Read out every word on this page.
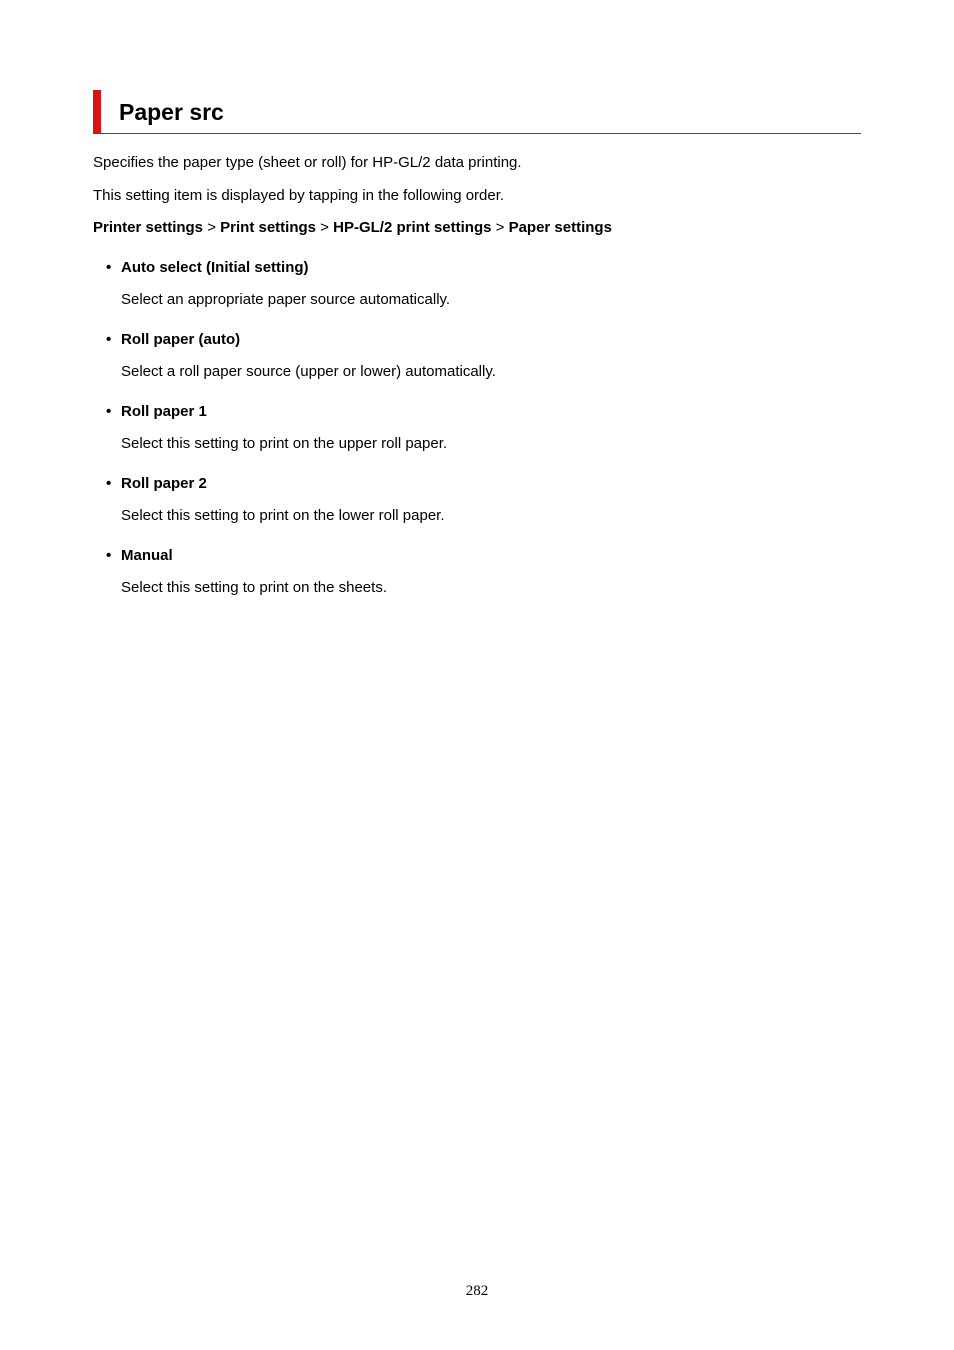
Paper src
Specifies the paper type (sheet or roll) for HP-GL/2 data printing.
This setting item is displayed by tapping in the following order.
Printer settings > Print settings > HP-GL/2 print settings > Paper settings
• Auto select (Initial setting)
Select an appropriate paper source automatically.
• Roll paper (auto)
Select a roll paper source (upper or lower) automatically.
• Roll paper 1
Select this setting to print on the upper roll paper.
• Roll paper 2
Select this setting to print on the lower roll paper.
• Manual
Select this setting to print on the sheets.
282
